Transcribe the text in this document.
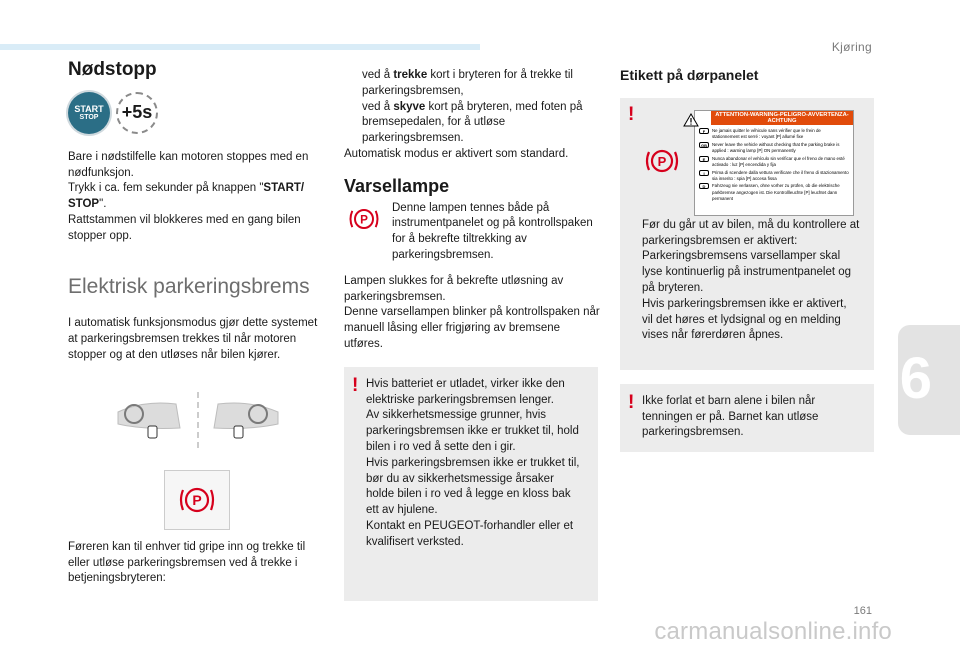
Kjøring
6
Nødstopp
START
STOP	+5s

Bare i nødstilfelle kan motoren stoppes med en nødfunksjon.

Trykk i ca. fem sekunder på knappen "START/ STOP".

Rattstammen vil blokkeres med en gang bilen stopper opp.

Elektrisk parkeringsbrems

I automatisk funksjonsmodus gjør dette systemet at parkeringsbremsen trekkes til når motoren stopper og at den utløses når bilen kjører.

P

Føreren kan til enhver tid gripe inn og trekke til eller utløse parkeringsbremsen ved å trekke i betjeningsbryteren:

ved å trekke kort i bryteren for å trekke til parkeringsbremsen,
ved å skyve kort på bryteren, med foten på bremsepedalen, for å utløse parkeringsbremsen.

Automatisk modus er aktivert som standard.

Varsellampe
P

Denne lampen tennes både på instrumentpanelet og på kontrollspaken for å bekrefte tiltrekking av parkeringsbremsen.

Lampen slukkes for å bekrefte utløsning av parkeringsbremsen.

Denne varsellampen blinker på kontrollspaken når manuell låsing eller frigjøring av bremsene utføres.

! Hvis batteriet er utladet, virker ikke den elektriske parkeringsbremsen lenger.

Av sikkerhetsmessige grunner, hvis parkeringsbremsen ikke er trukket til, hold bilen i ro ved å sette den i gir.

Hvis parkeringsbremsen ikke er trukket til, bør du av sikkerhetsmessige årsaker holde bilen i ro ved å legge en kloss bak ett av hjulene.

Kontakt en PEUGEOT-forhandler eller et kvalifisert verksted.

Etikett på dørpanelet
!
P
ATTENTION-WARNING-PELIGRO-AVVERTENZA-ACHTUNG
F	Ne jamais quitter le véhicule sans vérifier que le frein de stationnement est serré : voyant [P] allumé fixe
GB	Never leave the vehicle without checking that the parking brake is applied : warning lamp [P] ON permanently
E	Nunca abandonar el vehículo sin verificar que el freno de mano esté activado : luz [P] encendida y fija
I	Prima di scendere dalla vettura verificare che il freno di stazionamento sia inserito : spia [P] accesa fissa
D	Fahrzeug nie verlassen, ohne vorher zu prüfen, ob die elektrische parkbremse angezogen ist. Die Kontrollleuchte [P] leuchtet dann permanent

Før du går ut av bilen, må du kontrollere at parkeringsbremsen er aktivert:

Parkeringsbremsens varsellamper skal lyse kontinuerlig på instrumentpanelet og på bryteren.

Hvis parkeringsbremsen ikke er aktivert, vil det høres et lydsignal og en melding vises når førerdøren åpnes.

! Ikke forlat et barn alene i bilen når tenningen er på. Barnet kan utløse parkeringsbremsen.

161
carmanualsonline.info
